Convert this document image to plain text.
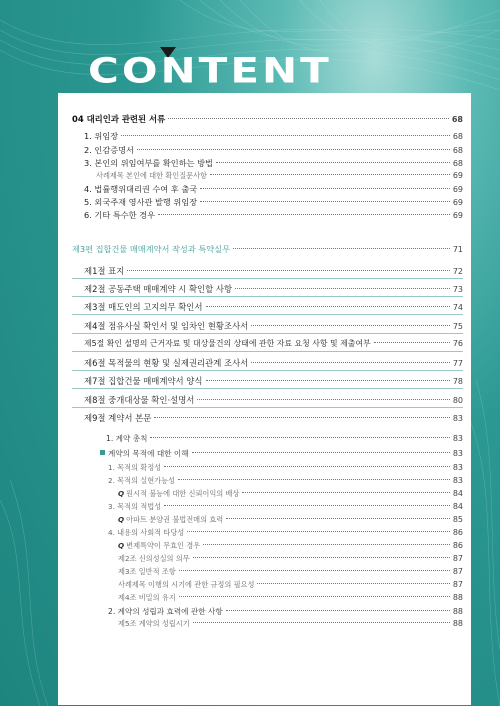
CONTENT
04 대리인과 관련된 서류	68
1. 위임장	68
2. 인감증명서	68
3. 본인의 위임여부를 확인하는 방법	68
사례제목 본인에 대한 확인질문사항	69
4. 법률행위대리권 수여 후 출국	69
5. 외국주재 영사관 발행 위임장	69
6. 기타 특수한 경우	69
제3편 집합건물 매매계약서 작성과 특약실무	71
제1절 표지	72
제2절 공동주택 매매계약 시 확인할 사항	73
제3절 매도인의 고지의무 확인서	74
제4절 점유사실 확인서 및 임차인 현황조사서	75
제5절 확인 설명의 근거자료 및 대상물건의 상태에 관한 자료 요청 사항 및 제출여부	76
제6절 목적물의 현황 및 실제권리관계 조사서	77
제7절 집합건물 매매계약서 양식	78
제8절 중개대상물 확인·설명서	80
제9절 계약서 본문	83
1. 계약 총칙	83
계약의 목적에 대한 이해	83
1. 목적의 확정성	83
2. 목적의 실현가능성	83
Q 원시적 불능에 대한 신뢰이익의 배상	84
3. 목적의 적법성	84
Q 아파트 분양권 불법전매의 효력	85
4. 내용의 사회적 타당성	86
Q 변제특약이 무효인 경우	86
제2조 신의성실의 의무	87
제3조 일반적 조항	87
사례제목 이행의 시기에 관한 규정의 필요성	87
제4조 비밀의 유지	88
2. 계약의 성립과 효력에 관한 사항	88
제5조 계약의 성립시기	88
